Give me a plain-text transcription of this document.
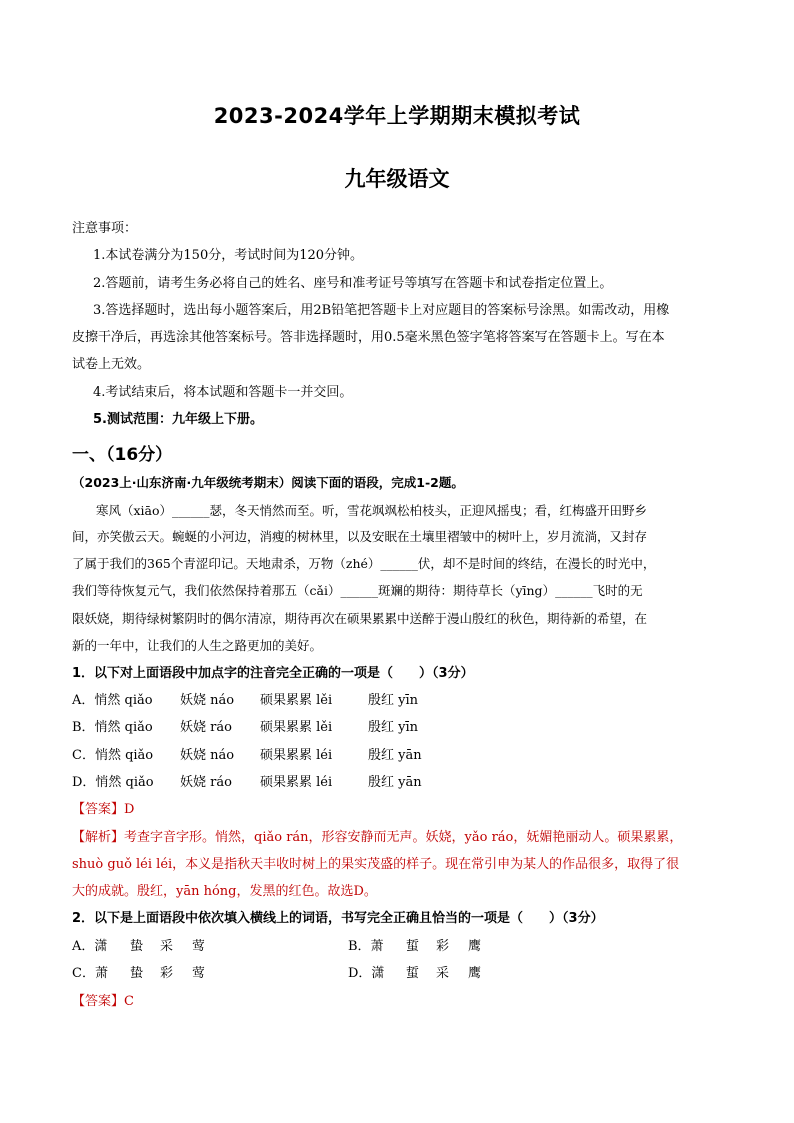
2023-2024学年上学期期末模拟考试
九年级语文
注意事项：
1.本试卷满分为150分，考试时间为120分钟。
2.答题前，请考生务必将自己的姓名、座号和准考证号等填写在答题卡和试卷指定位置上。
3.答选择题时，选出每小题答案后，用2B铅笔把答题卡上对应题目的答案标号涂黑。如需改动，用橡
皮擦干净后，再选涂其他答案标号。答非选择题时，用0.5毫米黑色签字笔将答案写在答题卡上。写在本
试卷上无效。
4.考试结束后，将本试题和答题卡一并交回。
5.测试范围：九年级上下册。
一、（16分）
（2023上·山东济南·九年级统考期末）阅读下面的语段，完成1-2题。
寒风（xiāo）______瑟，冬天悄然而至。听，雪花飒飒松柏枝头，正迎风摇曳；看，红梅盛开田野乡
间，亦笑傲云天。蜿蜒的小河边，消瘦的树林里，以及安眠在土壤里褶皱中的树叶上，岁月流淌，又封存
了属于我们的365个青涩印记。天地肃杀，万物（zhé）______伏，却不是时间的终结，在漫长的时光中，
我们等待恢复元气，我们依然保持着那五（cǎi）______斑斓的期待：期待草长（yīng）______飞时的无
限妖娆，期待绿树繁阴时的偶尔清凉，期待再次在硕果累累中送醉于漫山殷红的秋色，期待新的希望，在
新的一年中，让我们的人生之路更加的美好。
1．以下对上面语段中加点字的注音完全正确的一项是（　　）（3分）
A．悄然 qiǎo 妖娆 náo 硕果累累 lěi	殷红 yīn
B．悄然 qiǎo 妖娆 ráo 硕果累累 lěi	殷红 yīn
C．悄然 qiǎo 妖娆 náo 硕果累累 léi	殷红 yān
D．悄然 qiǎo 妖娆 ráo 硕果累累 léi	殷红 yān
【答案】D
【解析】考查字音字形。悄然，qiǎo rán，形容安静而无声。妖娆，yǎo ráo，妩媚艳丽动人。硕果累累，
shuò guǒ léi léi，本义是指秋天丰收时树上的果实茂盛的样子。现在常引申为某人的作品很多，取得了很
大的成就。殷红，yān hóng，发黑的红色。故选D。
2．以下是上面语段中依次填入横线上的词语，书写完全正确且恰当的一项是（　　）（3分）
A．潇 蛰 采 莺	B．萧 蜇 彩 鹰
C．萧 蛰 彩 莺	D．潇 蜇 采 鹰
【答案】C
